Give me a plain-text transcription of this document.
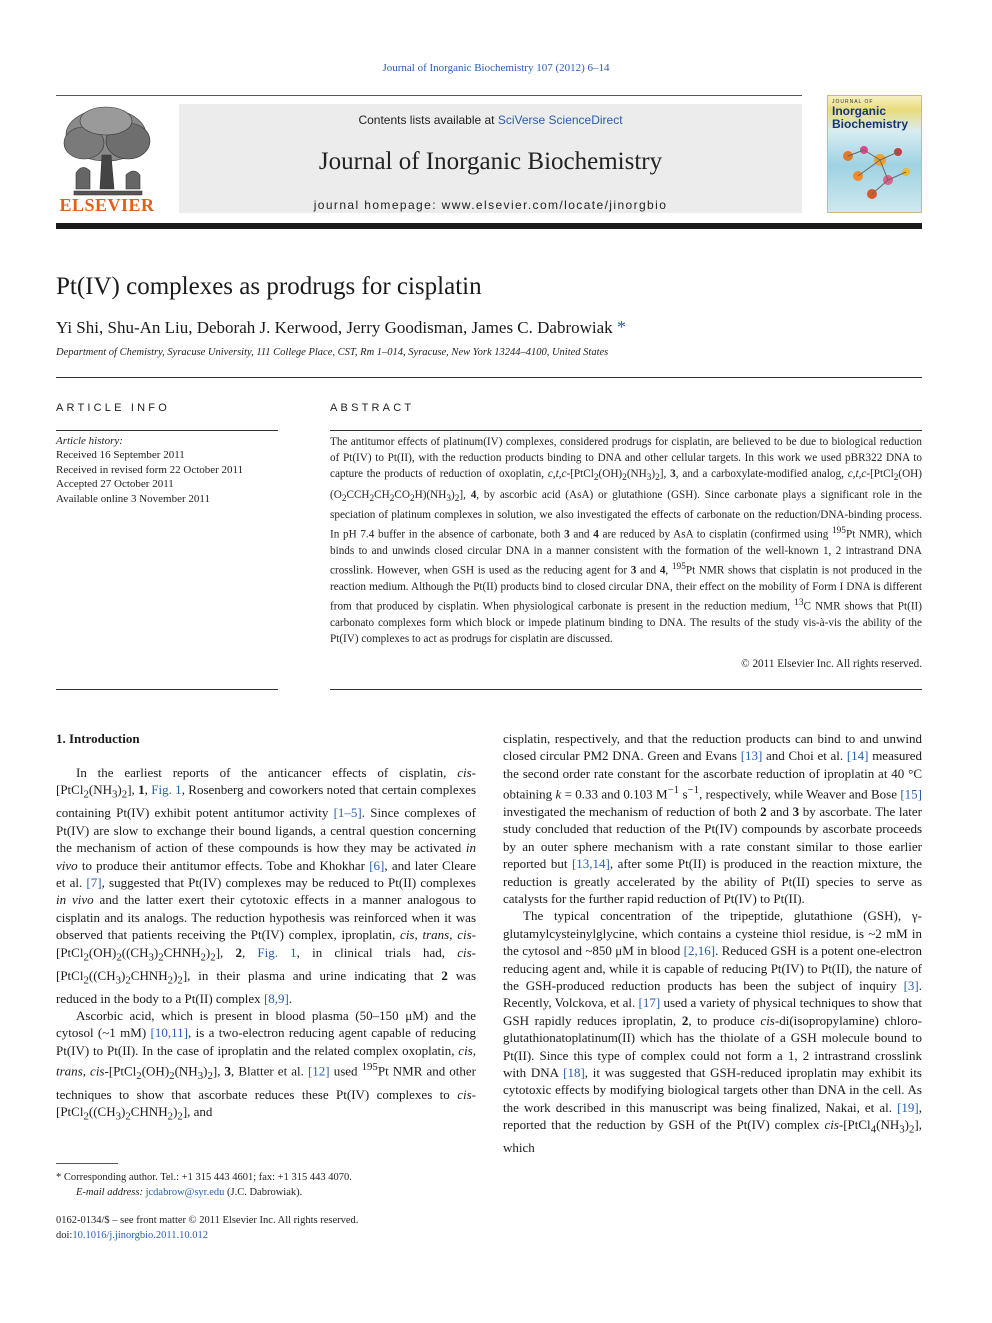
Journal of Inorganic Biochemistry 107 (2012) 6–14
ELSEVIER
Contents lists available at SciVerse ScienceDirect
Journal of Inorganic Biochemistry
journal homepage: www.elsevier.com/locate/jinorgbio
JOURNAL OF
Inorganic
Biochemistry
Pt(IV) complexes as prodrugs for cisplatin
Yi Shi, Shu-An Liu, Deborah J. Kerwood, Jerry Goodisman, James C. Dabrowiak *
Department of Chemistry, Syracuse University, 111 College Place, CST, Rm 1–014, Syracuse, New York 13244–4100, United States
ARTICLE INFO	ABSTRACT
Article history:
Received 16 September 2011
Received in revised form 22 October 2011
Accepted 27 October 2011
Available online 3 November 2011
The antitumor effects of platinum(IV) complexes, considered prodrugs for cisplatin, are believed to be due to biological reduction of Pt(IV) to Pt(II), with the reduction products binding to DNA and other cellular targets. In this work we used pBR322 DNA to capture the products of reduction of oxoplatin, $c,t,c-[PtCl_2(OH)_2(NH_3)_2]$, 3, and a carboxylate-modified analog, $c,t,c-[PtCl_2(OH)(O_2CCH_2CH_2CO_2H)(NH_3)_2]$, 4, by ascorbic acid (AsA) or glutathione (GSH). Since carbonate plays a significant role in the speciation of platinum complexes in solution, we also investigated the effects of carbonate on the reduction/DNA-binding process. In pH 7.4 buffer in the absence of carbonate, both 3 and 4 are reduced by AsA to cisplatin (confirmed using $^{195}$Pt NMR), which binds to and unwinds closed circular DNA in a manner consistent with the formation of the well-known 1, 2 intrastrand DNA crosslink. However, when GSH is used as the reducing agent for 3 and 4, $^{195}$Pt NMR shows that cisplatin is not produced in the reaction medium. Although the Pt(II) products bind to closed circular DNA, their effect on the mobility of Form I DNA is different from that produced by cisplatin. When physiological carbonate is present in the reduction medium, $^{13}$C NMR shows that Pt(II) carbonato complexes form which block or impede platinum binding to DNA. The results of the study vis-à-vis the ability of the Pt(IV) complexes to act as prodrugs for cisplatin are discussed.
© 2011 Elsevier Inc. All rights reserved.
1. Introduction

In the earliest reports of the anticancer effects of cisplatin, cis-$[PtCl_2(NH_3)_2]$, 1, Fig. 1, Rosenberg and coworkers noted that certain complexes containing Pt(IV) exhibit potent antitumor activity [1–5]. Since complexes of Pt(IV) are slow to exchange their bound ligands, a central question concerning the mechanism of action of these compounds is how they may be activated in vivo to produce their antitumor effects. Tobe and Khokhar [6], and later Cleare et al. [7], suggested that Pt(IV) complexes may be reduced to Pt(II) complexes in vivo and the latter exert their cytotoxic effects in a manner analogous to cisplatin and its analogs. The reduction hypothesis was reinforced when it was observed that patients receiving the Pt(IV) complex, iproplatin, cis, trans, cis-$[PtCl_2(OH)_2((CH_3)_2CHNH_2)_2]$, 2, Fig. 1, in clinical trials had, cis-$[PtCl_2((CH_3)_2CHNH_2)_2]$, in their plasma and urine indicating that 2 was reduced in the body to a Pt(II) complex [8,9].

Ascorbic acid, which is present in blood plasma (50–150 μM) and the cytosol (~1 mM) [10,11], is a two-electron reducing agent capable of reducing Pt(IV) to Pt(II). In the case of iproplatin and the related complex oxoplatin, cis, trans, cis-$[PtCl_2(OH)_2(NH_3)_2]$, 3, Blatter et al. [12] used $^{195}$Pt NMR and other techniques to show that ascorbate reduces these Pt(IV) complexes to cis-$[PtCl_2((CH_3)_2CHNH_2)_2]$, and

cisplatin, respectively, and that the reduction products can bind to and unwind closed circular PM2 DNA. Green and Evans [13] and Choi et al. [14] measured the second order rate constant for the ascorbate reduction of iproplatin at 40 °C obtaining k = 0.33 and 0.103 $M^{-1}$ $s^{-1}$, respectively, while Weaver and Bose [15] investigated the mechanism of reduction of both 2 and 3 by ascorbate. The later study concluded that reduction of the Pt(IV) compounds by ascorbate proceeds by an outer sphere mechanism with a rate constant similar to those earlier reported but [13,14], after some Pt(II) is produced in the reaction mixture, the reduction is greatly accelerated by the ability of Pt(II) species to serve as catalysts for the further rapid reduction of Pt(IV) to Pt(II).

The typical concentration of the tripeptide, glutathione (GSH), γ-glutamylcysteinylglycine, which contains a cysteine thiol residue, is ~2 mM in the cytosol and ~850 μM in blood [2,16]. Reduced GSH is a potent one-electron reducing agent and, while it is capable of reducing Pt(IV) to Pt(II), the nature of the GSH-produced reduction products has been the subject of inquiry [3]. Recently, Volckova, et al. [17] used a variety of physical techniques to show that GSH rapidly reduces iproplatin, 2, to produce cis-di(isopropylamine) chloro-glutathionatoplatinum(II) which has the thiolate of a GSH molecule bound to Pt(II). Since this type of complex could not form a 1, 2 intrastrand crosslink with DNA [18], it was suggested that GSH-reduced iproplatin may exhibit its cytotoxic effects by modifying biological targets other than DNA in the cell. As the work described in this manuscript was being finalized, Nakai, et al. [19], reported that the reduction by GSH of the Pt(IV) complex cis-$[PtCl_4(NH_3)_2]$, which

* Corresponding author. Tel.: +1 315 443 4601; fax: +1 315 443 4070.
E-mail address: jcdabrow@syr.edu (J.C. Dabrowiak).
0162-0134/$ – see front matter © 2011 Elsevier Inc. All rights reserved.
doi:10.1016/j.jinorgbio.2011.10.012
